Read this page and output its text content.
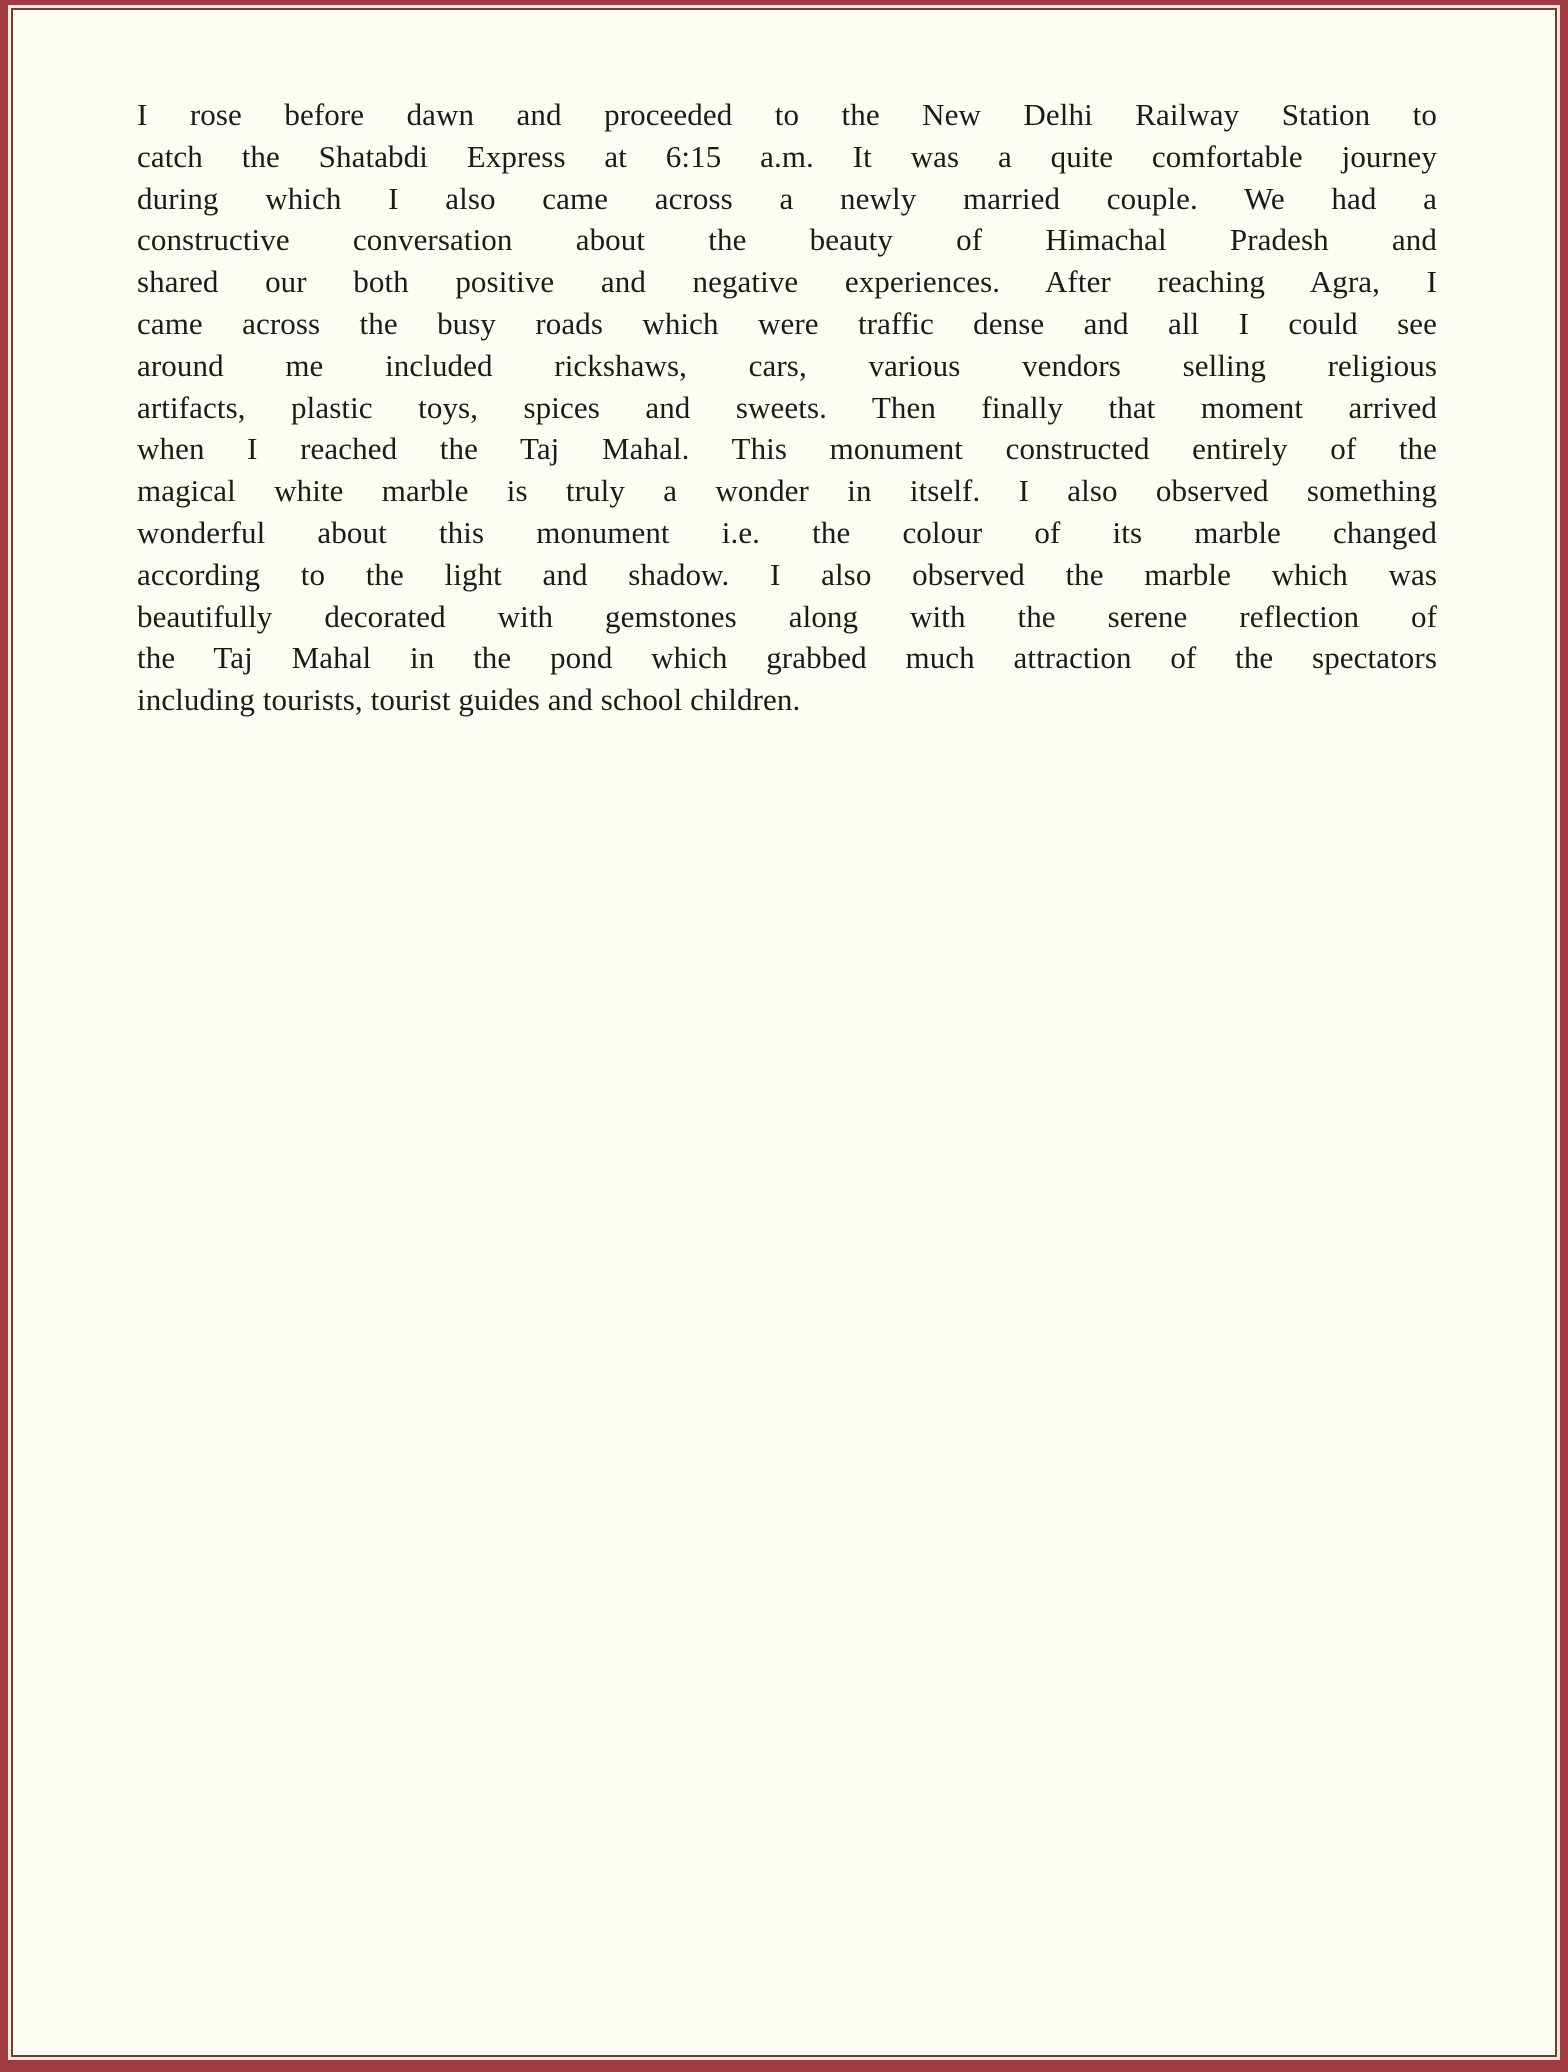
I rose before dawn and proceeded to the New Delhi Railway Station to
catch the Shatabdi Express at 6:15 a.m. It was a quite comfortable journey
during which I also came across a newly married couple. We had a
constructive conversation about the beauty of Himachal Pradesh and
shared our both positive and negative experiences. After reaching Agra, I
came across the busy roads which were traffic dense and all I could see
around me included rickshaws, cars, various vendors selling religious
artifacts, plastic toys, spices and sweets. Then finally that moment arrived
when I reached the Taj Mahal. This monument constructed entirely of the
magical white marble is truly a wonder in itself. I also observed something
wonderful about this monument i.e. the colour of its marble changed
according to the light and shadow. I also observed the marble which was
beautifully decorated with gemstones along with the serene reflection of
the Taj Mahal in the pond which grabbed much attraction of the spectators
including tourists, tourist guides and school children.
